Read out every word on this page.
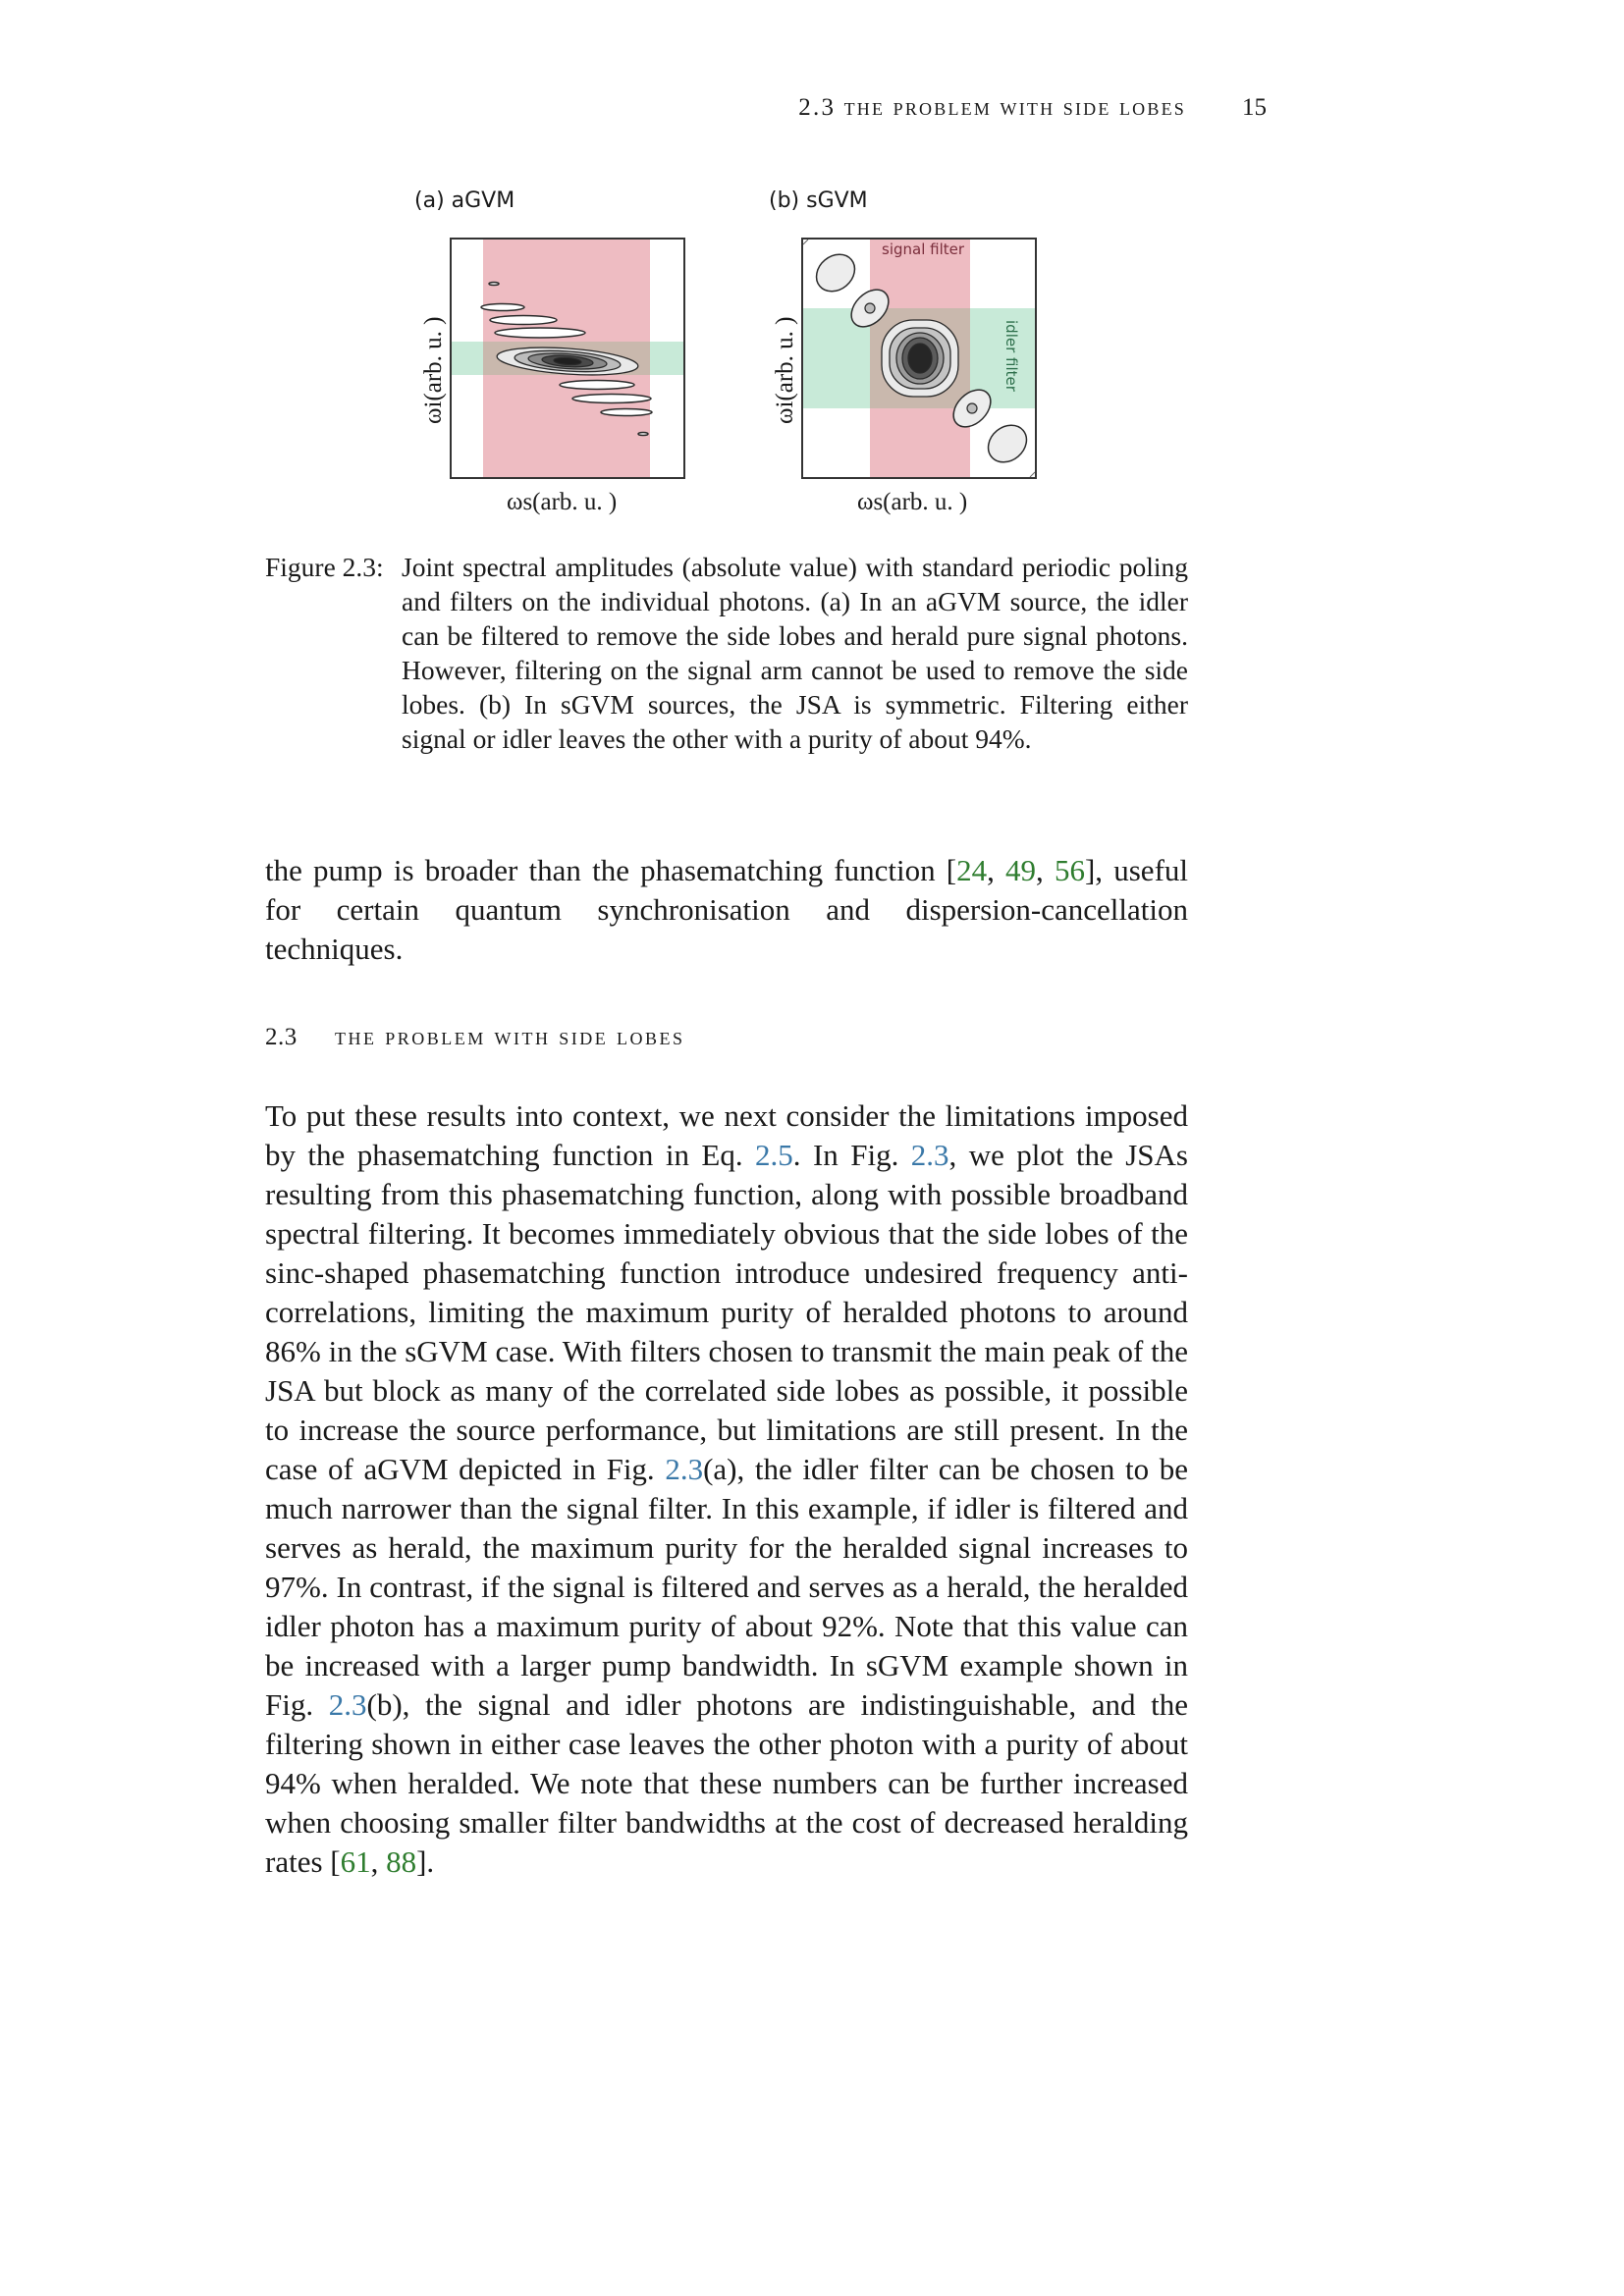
2.3 the problem with side lobes 15
(a) aGVM
ωi(arb. u. )
ωs(arb. u. )
(b) sGVM
signal filter
idler filter
ωi(arb. u. )
ωs(arb. u. )
Figure 2.3: Joint spectral amplitudes (absolute value) with standard periodic poling and filters on the individual photons. (a) In an aGVM source, the idler can be filtered to remove the side lobes and herald pure signal photons. However, filtering on the signal arm cannot be used to remove the side lobes. (b) In sGVM sources, the JSA is symmetric. Filtering either signal or idler leaves the other with a purity of about 94%.
the pump is broader than the phasematching function [24, 49, 56], useful for certain quantum synchronisation and dispersion-cancellation techniques.
2.3 the problem with side lobes
To put these results into context, we next consider the limitations imposed by the phasematching function in Eq. 2.5. In Fig. 2.3, we plot the JSAs resulting from this phasematching function, along with possible broadband spectral filtering. It becomes immediately obvious that the side lobes of the sinc-shaped phasematching function introduce undesired frequency anti-correlations, limiting the maximum purity of heralded photons to around 86% in the sGVM case. With filters chosen to transmit the main peak of the JSA but block as many of the correlated side lobes as possible, it possible to increase the source performance, but limitations are still present. In the case of aGVM depicted in Fig. 2.3(a), the idler filter can be chosen to be much narrower than the signal filter. In this example, if idler is filtered and serves as herald, the maximum purity for the heralded signal increases to 97%. In contrast, if the signal is filtered and serves as a herald, the heralded idler photon has a maximum purity of about 92%. Note that this value can be increased with a larger pump bandwidth. In sGVM example shown in Fig. 2.3(b), the signal and idler photons are indistinguishable, and the filtering shown in either case leaves the other photon with a purity of about 94% when heralded. We note that these numbers can be further increased when choosing smaller filter bandwidths at the cost of decreased heralding rates [61, 88].
